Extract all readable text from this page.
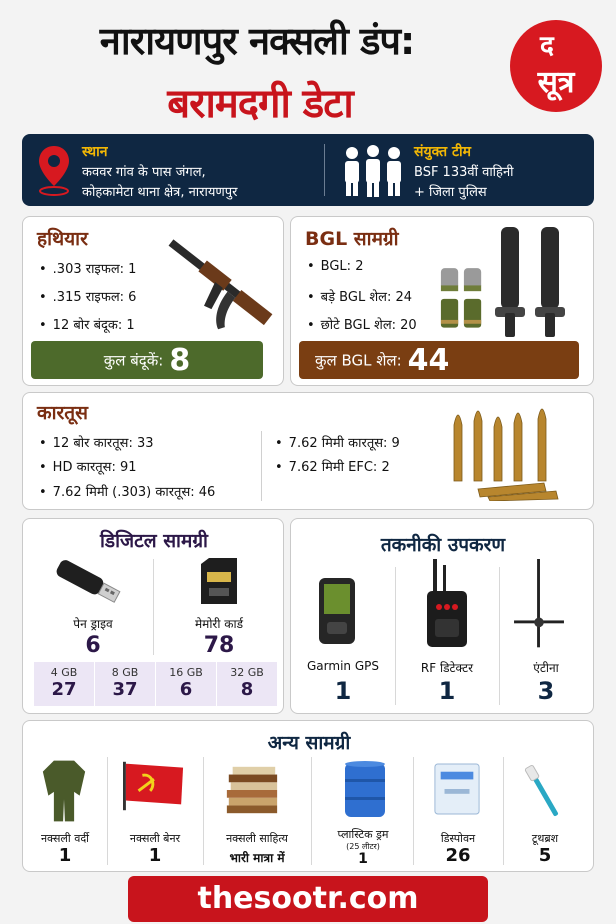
नारायणपुर नक्सली डंप:
बरामदगी डेटा
द
सूत्र
स्थान
कववर गांव के पास जंगल,
कोहकामेटा थाना क्षेत्र, नारायणपुर
संयुक्त टीम
BSF 133वीं वाहिनी
+ जिला पुलिस
हथियार
• .303 राइफल: 1
• .315 राइफल: 6
• 12 बोर बंदूक: 1
कुल बंदूकें: 8
BGL सामग्री
• BGL: 2
• बड़े BGL शेल: 24
• छोटे BGL शेल: 20
कुल BGL शेल: 44
कारतूस
• 12 बोर कारतूस: 33
• HD कारतूस: 91
• 7.62 मिमी (.303) कारतूस: 46
• 7.62 मिमी कारतूस: 9
• 7.62 मिमी EFC: 2
डिजिटल सामग्री
पेन ड्राइव
6
मेमोरी कार्ड
78
4 GB
27
8 GB
37
16 GB
6
32 GB
8
तकनीकी उपकरण
Garmin GPS
1
RF डिटेक्टर
1
एंटीना
3
अन्य सामग्री
नक्सली वर्दी
1
नक्सली बेनर
1
नक्सली साहित्य
भारी मात्रा में
प्लास्टिक ड्रम
(25 लीटर)
1
डिस्पोवन
26
टूथब्रश
5
thesootr.com
